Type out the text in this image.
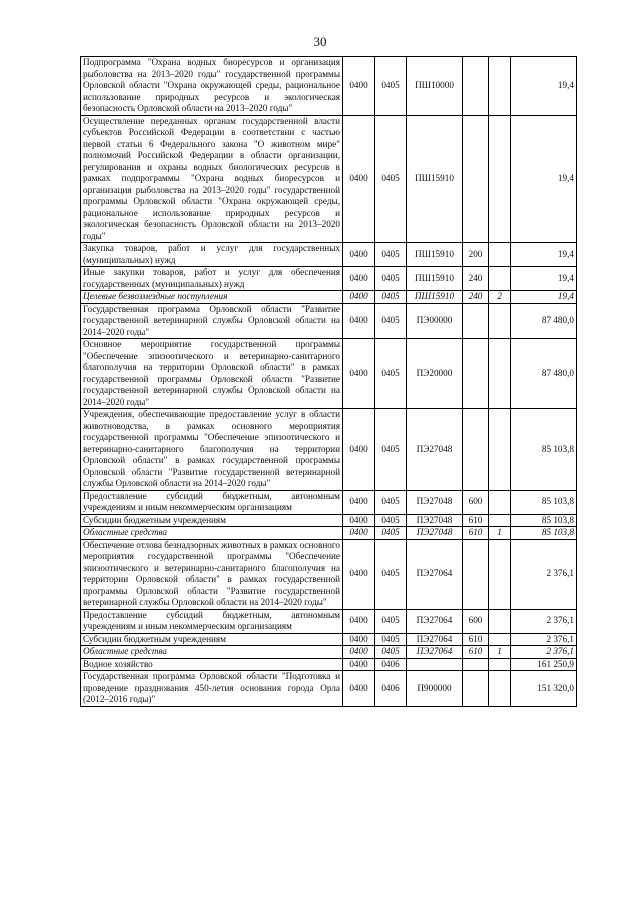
30
Подпрограмма "Охрана водных биоресурсов и организация рыболовства на 2013–2020 годы" государственной программы Орловской области "Охрана окружающей среды, рациональное использование природных ресурсов и экологическая безопасность Орловской области на 2013–2020 годы"	0400	0405	ПШ10000			19,4
Осуществление переданных органам государственной власти субъектов Российской Федерации в соответствии с частью первой статьи 6 Федерального закона "О животном мире" полномочий Российской Федерации в области организации, регулирования и охраны водных биологических ресурсов в рамках подпрограммы "Охрана водных биоресурсов и организация рыболовства на 2013–2020 годы" государственной программы Орловской области "Охрана окружающей среды, рациональное использование природных ресурсов и экологическая безопасность Орловской области на 2013–2020 годы"	0400	0405	ПШ15910			19,4
Закупка товаров, работ и услуг для государственных (муниципальных) нужд	0400	0405	ПШ15910	200		19,4
Иные закупки товаров, работ и услуг для обеспечения государственных (муниципальных) нужд	0400	0405	ПШ15910	240		19,4
Целевые безвозмездные поступления	0400	0405	ПШ15910	240	2	19,4
Государственная программа Орловской области "Развитие государственной ветеринарной службы Орловской области на 2014–2020 годы"	0400	0405	ПЭ00000			87 480,0
Основное мероприятие государственной программы "Обеспечение эпизоотического и ветеринарно-санитарного благополучия на территории Орловской области" в рамках государственной программы Орловской области "Развитие государственной ветеринарной службы Орловской области на 2014–2020 годы"	0400	0405	ПЭ20000			87 480,0
Учреждения, обеспечивающие предоставление услуг в области животноводства, в рамках основного мероприятия государственной программы "Обеспечение эпизоотического и ветеринарно-санитарного благополучия на территории Орловской области" в рамках государственной программы Орловской области "Развитие государственной ветеринарной службы Орловской области на 2014–2020 годы"	0400	0405	ПЭ27048			85 103,8
Предоставление субсидий бюджетным, автономным учреждениям и иным некоммерческим организациям	0400	0405	ПЭ27048	600		85 103,8
Субсидии бюджетным учреждениям	0400	0405	ПЭ27048	610		85 103,8
Областные средства	0400	0405	ПЭ27048	610	1	85 103,8
Обеспечение отлова безнадзорных животных в рамках основного мероприятия государственной программы "Обеспечение эпизоотического и ветеринарно-санитарного благополучия на территории Орловской области" в рамках государственной программы Орловской области "Развитие государственной ветеринарной службы Орловской области на 2014–2020 годы"	0400	0405	ПЭ27064			2 376,1
Предоставление субсидий бюджетным, автономным учреждениям и иным некоммерческим организациям	0400	0405	ПЭ27064	600		2 376,1
Субсидии бюджетным учреждениям	0400	0405	ПЭ27064	610		2 376,1
Областные средства	0400	0405	ПЭ27064	610	1	2 376,1
Водное хозяйство	0400	0406				161 250,9
Государственная программа Орловской области "Подготовка и проведение празднования 450-летия основания города Орла (2012–2016 годы)"	0400	0406	П900000			151 320,0
